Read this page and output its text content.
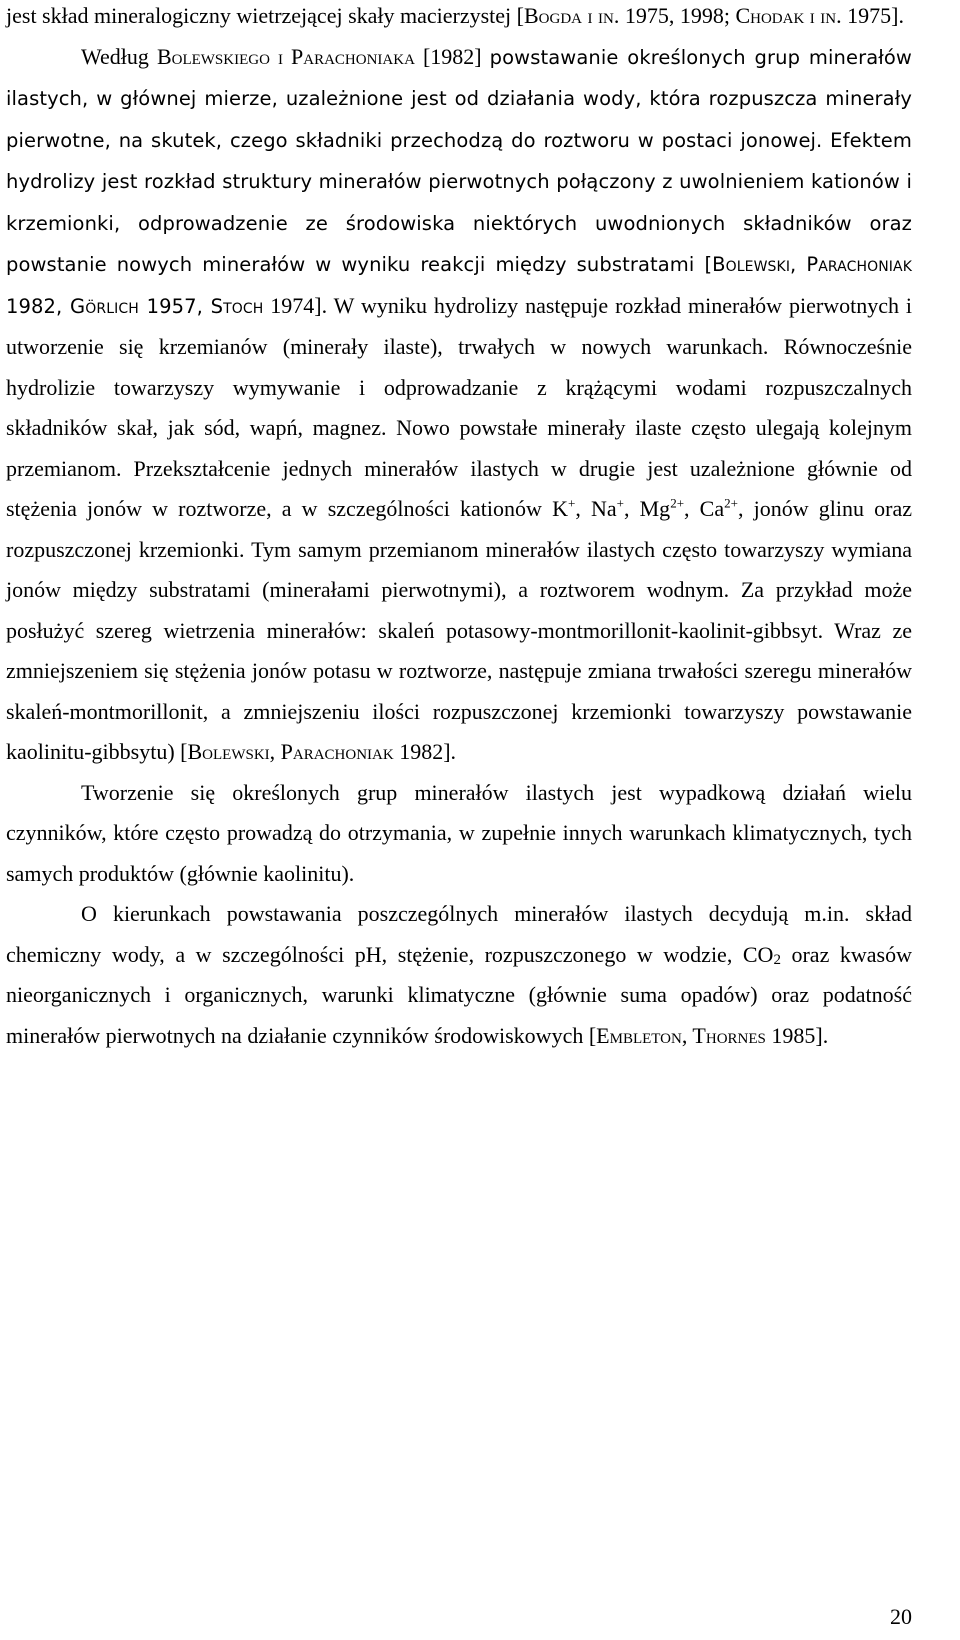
jest skład mineralogiczny wietrzejącej skały macierzystej [Bogda i in. 1975, 1998; Chodak i in. 1975].

Według Bolewskiego i Parachoniaka [1982] powstawanie określonych grup minerałów ilastych, w głównej mierze, uzależnione jest od działania wody, która rozpuszcza minerały pierwotne, na skutek, czego składniki przechodzą do roztworu w postaci jonowej. Efektem hydrolizy jest rozkład struktury minerałów pierwotnych połączony z uwolnieniem kationów i krzemionki, odprowadzenie ze środowiska niektórych uwodnionych składników oraz powstanie nowych minerałów w wyniku reakcji między substratami [Bolewski, Parachoniak 1982, Görlich 1957, Stoch 1974]. W wyniku hydrolizy następuje rozkład minerałów pierwotnych i utworzenie się krzemianów (minerały ilaste), trwałych w nowych warunkach. Równocześnie hydrolizie towarzyszy wymywanie i odprowadzanie z krążącymi wodami rozpuszczalnych składników skał, jak sód, wapń, magnez. Nowo powstałe minerały ilaste często ulegają kolejnym przemianom. Przekształcenie jednych minerałów ilastych w drugie jest uzależnione głównie od stężenia jonów w roztworze, a w szczególności kationów K+, Na+, $Mg^{2+}$, $Ca^{2+}$, jonów glinu oraz rozpuszczonej krzemionki. Tym samym przemianom minerałów ilastych często towarzyszy wymiana jonów między substratami (minerałami pierwotnymi), a roztworem wodnym. Za przykład może posłużyć szereg wietrzenia minerałów: skaleń potasowy-montmorillonit-kaolinit-gibbsyt. Wraz ze zmniejszeniem się stężenia jonów potasu w roztworze, następuje zmiana trwałości szeregu minerałów skaleń-montmorillonit, a zmniejszeniu ilości rozpuszczonej krzemionki towarzyszy powstawanie kaolinitu-gibbsytu) [Bolewski, Parachoniak 1982].

Tworzenie się określonych grup minerałów ilastych jest wypadkową działań wielu czynników, które często prowadzą do otrzymania, w zupełnie innych warunkach klimatycznych, tych samych produktów (głównie kaolinitu).

O kierunkach powstawania poszczególnych minerałów ilastych decydują m.in. skład chemiczny wody, a w szczególności pH, stężenie, rozpuszczonego w wodzie, $CO_2$ oraz kwasów nieorganicznych i organicznych, warunki klimatyczne (głównie suma opadów) oraz podatność minerałów pierwotnych na działanie czynników środowiskowych [Embleton, Thornes 1985].

20
